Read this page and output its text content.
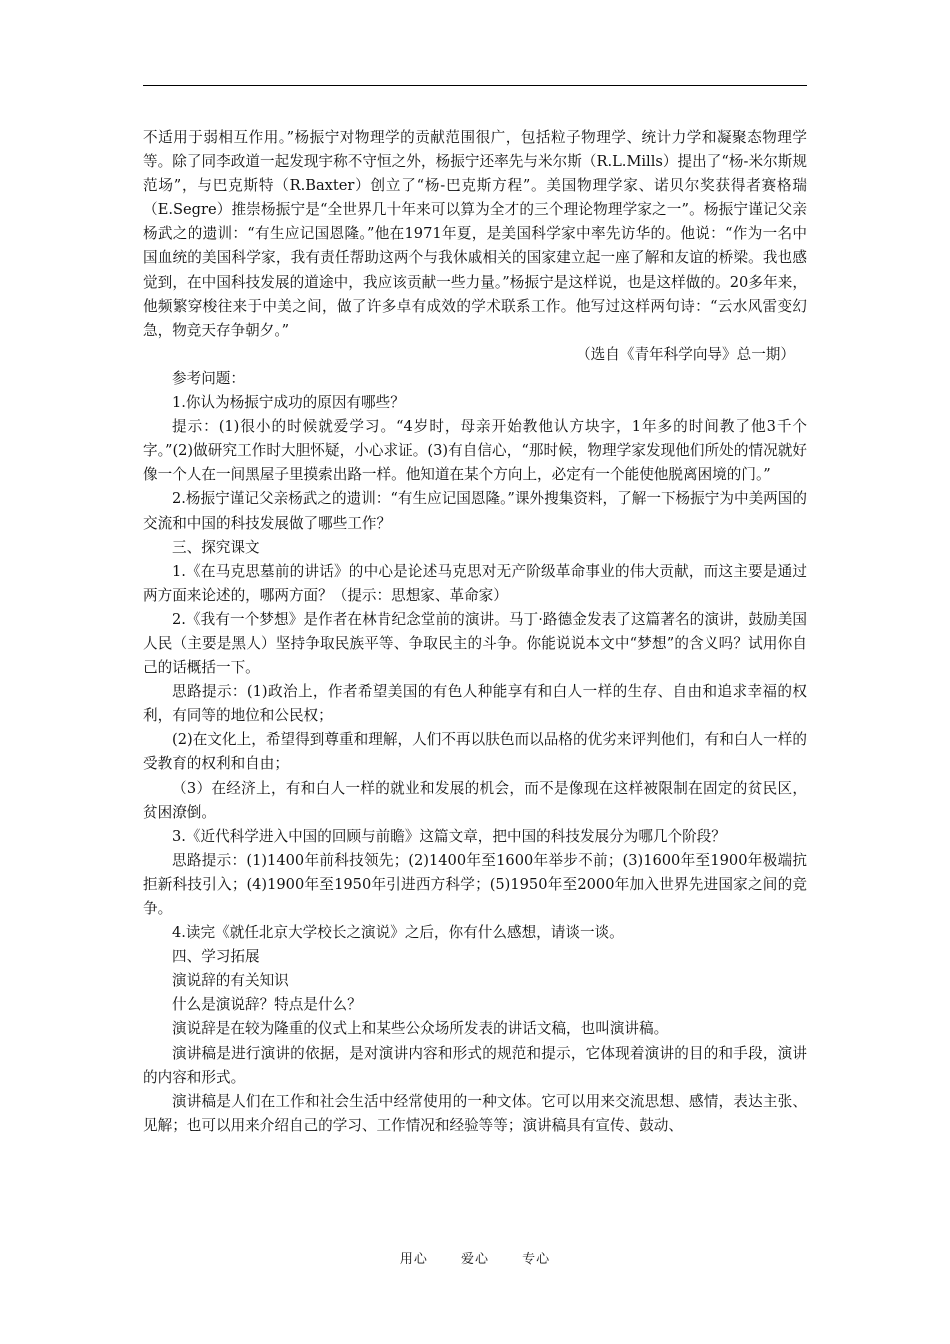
不适用于弱相互作用。”杨振宁对物理学的贡献范围很广，包括粒子物理学、统计力学和凝聚态物理学等。除了同李政道一起发现宇称不守恒之外，杨振宁还率先与米尔斯（R.L.Mills）提出了“杨-米尔斯规范场”，与巴克斯特（R.Baxter）创立了“杨-巴克斯方程”。美国物理学家、诺贝尔奖获得者赛格瑞（E.Segre）推崇杨振宁是“全世界几十年来可以算为全才的三个理论物理学家之一”。杨振宁谨记父亲杨武之的遗训：“有生应记国恩隆。”他在1971年夏，是美国科学家中率先访华的。他说：“作为一名中国血统的美国科学家，我有责任帮助这两个与我休戚相关的国家建立起一座了解和友谊的桥梁。我也感觉到，在中国科技发展的道途中，我应该贡献一些力量。”杨振宁是这样说，也是这样做的。20多年来，他频繁穿梭往来于中美之间，做了许多卓有成效的学术联系工作。他写过这样两句诗：“云水风雷变幻急，物竞天存争朝夕。”

（选自《青年科学向导》总一期）

参考问题：

1.你认为杨振宁成功的原因有哪些？

提示：(1)很小的时候就爱学习。“4岁时，母亲开始教他认方块字，1年多的时间教了他3千个字。”(2)做研究工作时大胆怀疑，小心求证。(3)有自信心，“那时候，物理学家发现他们所处的情况就好像一个人在一间黑屋子里摸索出路一样。他知道在某个方向上，必定有一个能使他脱离困境的门。”

2.杨振宁谨记父亲杨武之的遗训：“有生应记国恩隆。”课外搜集资料，了解一下杨振宁为中美两国的交流和中国的科技发展做了哪些工作？

三、探究课文

1.《在马克思墓前的讲话》的中心是论述马克思对无产阶级革命事业的伟大贡献，而这主要是通过两方面来论述的，哪两方面？（提示：思想家、革命家）

2.《我有一个梦想》是作者在林肯纪念堂前的演讲。马丁·路德金发表了这篇著名的演讲，鼓励美国人民（主要是黑人）坚持争取民族平等、争取民主的斗争。你能说说本文中“梦想”的含义吗？试用你自己的话概括一下。

思路提示：(1)政治上，作者希望美国的有色人种能享有和白人一样的生存、自由和追求幸福的权利，有同等的地位和公民权；

(2)在文化上，希望得到尊重和理解，人们不再以肤色而以品格的优劣来评判他们，有和白人一样的受教育的权利和自由；

（3）在经济上，有和白人一样的就业和发展的机会，而不是像现在这样被限制在固定的贫民区，贫困潦倒。

3.《近代科学进入中国的回顾与前瞻》这篇文章，把中国的科技发展分为哪几个阶段？

思路提示：(1)1400年前科技领先；(2)1400年至1600年举步不前；(3)1600年至1900年极端抗拒新科技引入；(4)1900年至1950年引进西方科学；(5)1950年至2000年加入世界先进国家之间的竞争。

4.读完《就任北京大学校长之演说》之后，你有什么感想，请谈一谈。

四、学习拓展

演说辞的有关知识

什么是演说辞？特点是什么？

演说辞是在较为隆重的仪式上和某些公众场所发表的讲话文稿，也叫演讲稿。

演讲稿是进行演讲的依据，是对演讲内容和形式的规范和提示，它体现着演讲的目的和手段，演讲的内容和形式。

演讲稿是人们在工作和社会生活中经常使用的一种文体。它可以用来交流思想、感情，表达主张、见解；也可以用来介绍自己的学习、工作情况和经验等等；演讲稿具有宣传、鼓动、

用心	爱心	专心
